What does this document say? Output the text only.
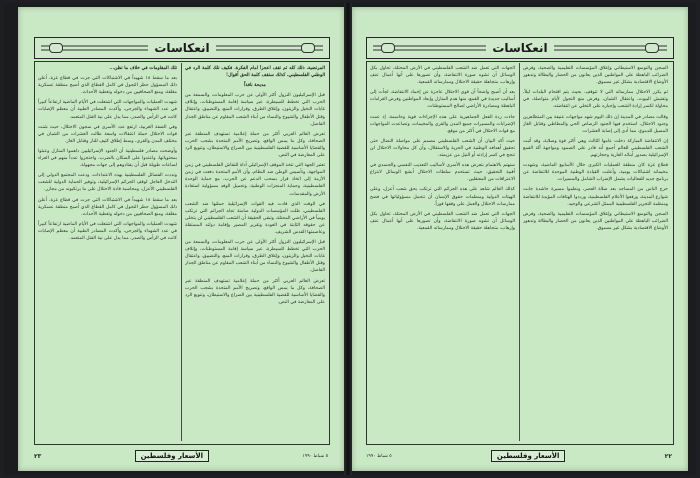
انعكاسات

المرتضية، ذلك كله ثم تقف أعجزاً أمام الفكرة، فكيف تلك كلمة الرد في الوطني الفلسطيني، كذلك ستقف كلمة الحق أقوال!

مديحة نافذاً

قبل الإسرائيليون النزول أكثر الأولى عن حرب المعلومات، والسمعة من الحرب التي تخطط للسيطرة، عبر سياسة إقامة المستوطنات، وإتلاف غابات النخيل والزيتون، وإغلاق الطرق، وقرارات المنع، والتضييق، واعتقال وقتل الأطفال والشيوخ والنساء من أبناء الشعب المقاوم عن مناطق الجدار الفاصل.

تعرض العالم العربي أكثر من حملة إعلامية تستهدف المنطقة عبر الصحافة، وكل ما يمس الواقع، وتصريح الأمم المتحدة بشجب الحرب والقضايا الأساسية للقضية الفلسطينية بين الصراع والاستيطان، وتنويع الرد على المعارضة في النص.

تعتبر الجهة التي تتخذ الموقف الإسرائيلي أداة للنقاش الفلسطيني في زمن المواجهة، وتأسيس الوطن ضد النظام، وأن الأمم المتحدة دفعت في زمن الأزمة إلى اتخاذ قرار بسحب الدعم عن الحرب، مع حماية الوحدة الفلسطينية، وحماية المنجزات الوطنية، وتحميل الوفد مسؤولية استعادة الأرض والمقدسات.

في الوقت الذي قادت فيه القوات الإسرائيلية حملتها ضد الشعب الفلسطيني، ظلت المؤسسات الدولية صامتة تجاه الجرائم التي ترتكب يومياً في الأراضي المحتلة، وتبقى الحقيقة أن الشعب الفلسطيني لن يتخلى عن حقوقه الثابتة في العودة وتقرير المصير وإقامة دولته المستقلة وعاصمتها القدس الشريف.

قبل الإسرائيليون النزول أكثر الأولى عن حرب المعلومات، والسمعة من الحرب التي تخطط للسيطرة، عبر سياسة إقامة المستوطنات، وإتلاف غابات النخيل والزيتون، وإغلاق الطرق، وقرارات المنع، والتضييق، واعتقال وقتل الأطفال والشيوخ والنساء من أبناء الشعب المقاوم عن مناطق الجدار الفاصل.

تعرض العالم العربي أكثر من حملة إعلامية تستهدف المنطقة عبر الصحافة، وكل ما يمس الواقع، وتصريح الأمم المتحدة بشجب الحرب والقضايا الأساسية للقضية الفلسطينية بين الصراع والاستيطان، وتنويع الرد على المعارضة في النص.

تلك المقاومات في خلاف ما تظن...

بعد ما سقط ١٨ شهيداً في الاشتباكات التي جرت في قطاع غزة، أعلن ذلك المسؤول حظر التجول في كامل القطاع الذي أصبح منطقة عسكرية مغلقة، ومنع الصحافيين من دخوله وتغطية الأحداث.

شهدت العمليات والمواجهات التي اشتعلت في الأيام الماضية ارتفاعاً كبيراً في عدد الشهداء والجرحى، وأكدت المصادر الطبية أن معظم الإصابات كانت في الرأس والصدر، مما يدل على نية القتل المتعمد.

وفي الضفة الغربية، ارتفع عدد الأسرى في سجون الاحتلال، حيث شنت قوات الاحتلال حملة اعتقالات واسعة طالت العشرات من الشبان في مختلف المدن والقرى، وسط إطلاق كثيف للنار وقنابل الغاز.

وأوضحت مصادر فلسطينية أن الجنود الإسرائيليين داهموا المنازل وعبثوا بمحتوياتها، واعتدوا على السكان بالضرب، واحتجزوا عدداً منهم في العراء لساعات طويلة قبل أن يقتادوهم إلى جهات مجهولة.

ونددت الفصائل الفلسطينية بهذه الاعتداءات، ودعت المجتمع الدولي إلى التدخل العاجل لوقف الجرائم الإسرائيلية، وتوفير الحماية الدولية للشعب الفلسطيني الأعزل، ومحاسبة قادة الاحتلال على ما يرتكبونه من مجازر.

بعد ما سقط ١٨ شهيداً في الاشتباكات التي جرت في قطاع غزة، أعلن ذلك المسؤول حظر التجول في كامل القطاع الذي أصبح منطقة عسكرية مغلقة، ومنع الصحافيين من دخوله وتغطية الأحداث.

شهدت العمليات والمواجهات التي اشتعلت في الأيام الماضية ارتفاعاً كبيراً في عدد الشهداء والجرحى، وأكدت المصادر الطبية أن معظم الإصابات كانت في الرأس والصدر، مما يدل على نية القتل المتعمد.

٢٣	الأسعار وفلسطين	٥ شباط ١٩٩٠
انعكاسات

السجن والتوسع الاستيطاني وإغلاق المؤسسات التعليمية والصحية، وفرض الضرائب الباهظة على المواطنين الذين يعانون من الحصار والبطالة وتدهور الأوضاع الاقتصادية بشكل غير مسبوق.

ثم يكرر الاحتلال ممارساته التي لا تتوقف، بحيث يتم اقتحام البلدات ليلاً، وتفتيش البيوت، واعتقال الشبان، وفرض منع التجول لأيام متواصلة، في محاولة لكسر إرادة الشعب وإجباره على التخلي عن انتفاضته.

وقالت مصادر في المدينة إن ذلك اليوم شهد مواجهات عنيفة بين المتظاهرين وجنود الاحتلال، استخدم فيها الجنود الرصاص الحي والمطاطي وقنابل الغاز المسيل للدموع، مما أدى إلى إصابة العشرات.

إن الانتفاضة المباركة دخلت عامها الثالث وهي أكثر قوة وصلابة، وقد أثبت الشعب الفلسطيني للعالم أجمع أنه قادر على الصمود ومواجهة آلة القمع الإسرائيلية بصدور أبنائه العارية وحجارتهم.

قطاع غزة كان منطقة للعمليات الكبرى خلال الأسابيع الماضية، وشهدت مخيماته اشتباكات يومية، وأعلنت القيادة الوطنية الموحدة للانتفاضة عن برنامج جديد للفعاليات يشمل الإضراب الشامل والمسيرات.

حرج الناس من المساجد بعد صلاة العصر، ونظموا مسيرة حاشدة جابت شوارع المدينة، ورفعوا الأعلام الفلسطينية، ورددوا الهتافات المؤيدة للانتفاضة ومنظمة التحرير الفلسطينية الممثل الشرعي والوحيد.

السجن والتوسع الاستيطاني وإغلاق المؤسسات التعليمية والصحية، وفرض الضرائب الباهظة على المواطنين الذين يعانون من الحصار والبطالة وتدهور الأوضاع الاقتصادية بشكل غير مسبوق.

الجهات التي تعمل ضد الشعب الفلسطيني في الأرض المحتلة، تحاول بكل الوسائل أن تشوه صورة الانتفاضة، وأن تصورها على أنها أعمال عنف وإرهاب، متجاهلة حقيقة الاحتلال وممارساته القمعية.

بعد أن أصبح واضحاً أن قوى الاحتلال عاجزة عن إخماد الانتفاضة، لجأت إلى أساليب جديدة في القمع، منها هدم المنازل وإبعاد المواطنين وفرض الغرامات الباهظة ومصادرة الأراضي لصالح المستوطنات.

جاءت ردة الفعل الجماهيرية على هذه الإجراءات قوية وحاسمة، إذ عمت الإضرابات والمسيرات جميع المدن والقرى والمخيمات، وتصاعدت المواجهات مع قوات الاحتلال في أكثر من موقع.

حيث أكد البيان أن الشعب الفلسطيني مصمم على مواصلة النضال حتى تحقيق أهدافه الوطنية في الحرية والاستقلال، وأن كل محاولات الاحتلال لن تنجح في كسر إرادته أو النيل من عزيمته.

سنهتم بالاهتمام بتعرض هذه الأسرى لأساليب التعذيب النفسي والجسدي في أقبية التحقيق، حيث تستخدم سلطات الاحتلال أبشع الوسائل لانتزاع الاعترافات من المعتقلين.

كذلك العالم شاهد على هذه الجرائم التي ترتكب بحق شعب أعزل، وعلى الهيئات الدولية ومنظمات حقوق الإنسان أن تتحمل مسؤولياتها في فضح ممارسات الاحتلال والعمل على وقفها فوراً.

الجهات التي تعمل ضد الشعب الفلسطيني في الأرض المحتلة، تحاول بكل الوسائل أن تشوه صورة الانتفاضة، وأن تصورها على أنها أعمال عنف وإرهاب، متجاهلة حقيقة الاحتلال وممارساته القمعية.

٥ شباط ١٩٩٠	الأسعار وفلسطين	٢٢
